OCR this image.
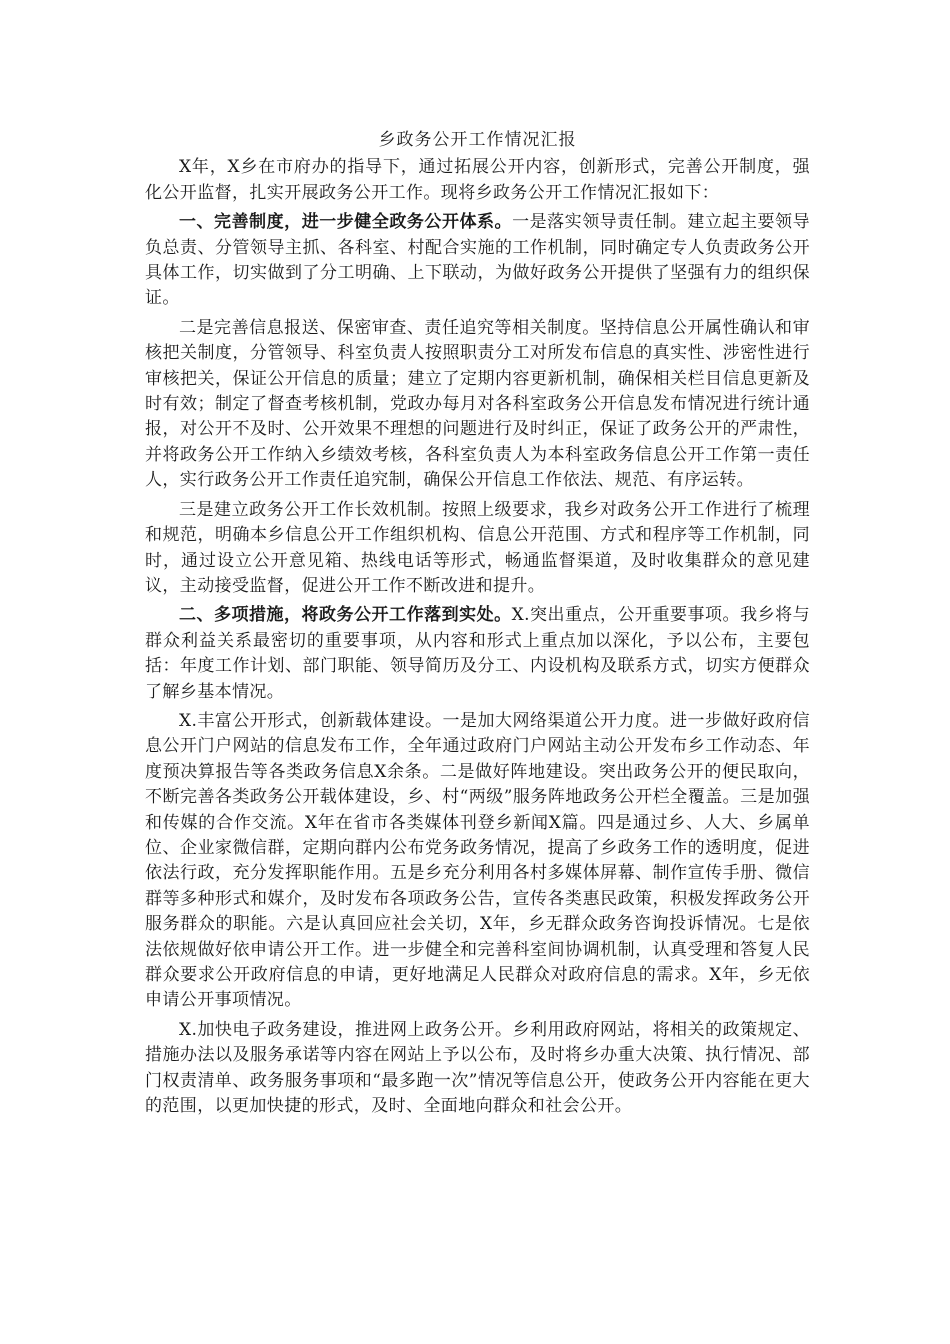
乡政务公开工作情况汇报

X年，X乡在市府办的指导下，通过拓展公开内容，创新形式，完善公开制度，强化公开监督，扎实开展政务公开工作。现将乡政务公开工作情况汇报如下：

一、完善制度，进一步健全政务公开体系。一是落实领导责任制。建立起主要领导负总责、分管领导主抓、各科室、村配合实施的工作机制，同时确定专人负责政务公开具体工作，切实做到了分工明确、上下联动，为做好政务公开提供了坚强有力的组织保证。

二是完善信息报送、保密审查、责任追究等相关制度。坚持信息公开属性确认和审核把关制度，分管领导、科室负责人按照职责分工对所发布信息的真实性、涉密性进行审核把关，保证公开信息的质量；建立了定期内容更新机制，确保相关栏目信息更新及时有效；制定了督查考核机制，党政办每月对各科室政务公开信息发布情况进行统计通报，对公开不及时、公开效果不理想的问题进行及时纠正，保证了政务公开的严肃性，并将政务公开工作纳入乡绩效考核，各科室负责人为本科室政务信息公开工作第一责任人，实行政务公开工作责任追究制，确保公开信息工作依法、规范、有序运转。

三是建立政务公开工作长效机制。按照上级要求，我乡对政务公开工作进行了梳理和规范，明确本乡信息公开工作组织机构、信息公开范围、方式和程序等工作机制，同时，通过设立公开意见箱、热线电话等形式，畅通监督渠道，及时收集群众的意见建议，主动接受监督，促进公开工作不断改进和提升。

二、多项措施，将政务公开工作落到实处。X.突出重点，公开重要事项。我乡将与群众利益关系最密切的重要事项，从内容和形式上重点加以深化，予以公布，主要包括：年度工作计划、部门职能、领导简历及分工、内设机构及联系方式，切实方便群众了解乡基本情况。

X.丰富公开形式，创新载体建设。一是加大网络渠道公开力度。进一步做好政府信息公开门户网站的信息发布工作，全年通过政府门户网站主动公开发布乡工作动态、年度预决算报告等各类政务信息X余条。二是做好阵地建设。突出政务公开的便民取向，不断完善各类政务公开载体建设，乡、村“两级”服务阵地政务公开栏全覆盖。三是加强和传媒的合作交流。X年在省市各类媒体刊登乡新闻X篇。四是通过乡、人大、乡属单位、企业家微信群，定期向群内公布党务政务情况，提高了乡政务工作的透明度，促进依法行政，充分发挥职能作用。五是乡充分利用各村多媒体屏幕、制作宣传手册、微信群等多种形式和媒介，及时发布各项政务公告，宣传各类惠民政策，积极发挥政务公开服务群众的职能。六是认真回应社会关切，X年，乡无群众政务咨询投诉情况。七是依法依规做好依申请公开工作。进一步健全和完善科室间协调机制，认真受理和答复人民群众要求公开政府信息的申请，更好地满足人民群众对政府信息的需求。X年，乡无依申请公开事项情况。

X.加快电子政务建设，推进网上政务公开。乡利用政府网站，将相关的政策规定、措施办法以及服务承诺等内容在网站上予以公布，及时将乡办重大决策、执行情况、部门权责清单、政务服务事项和“最多跑一次”情况等信息公开，使政务公开内容能在更大的范围，以更加快捷的形式，及时、全面地向群众和社会公开。
